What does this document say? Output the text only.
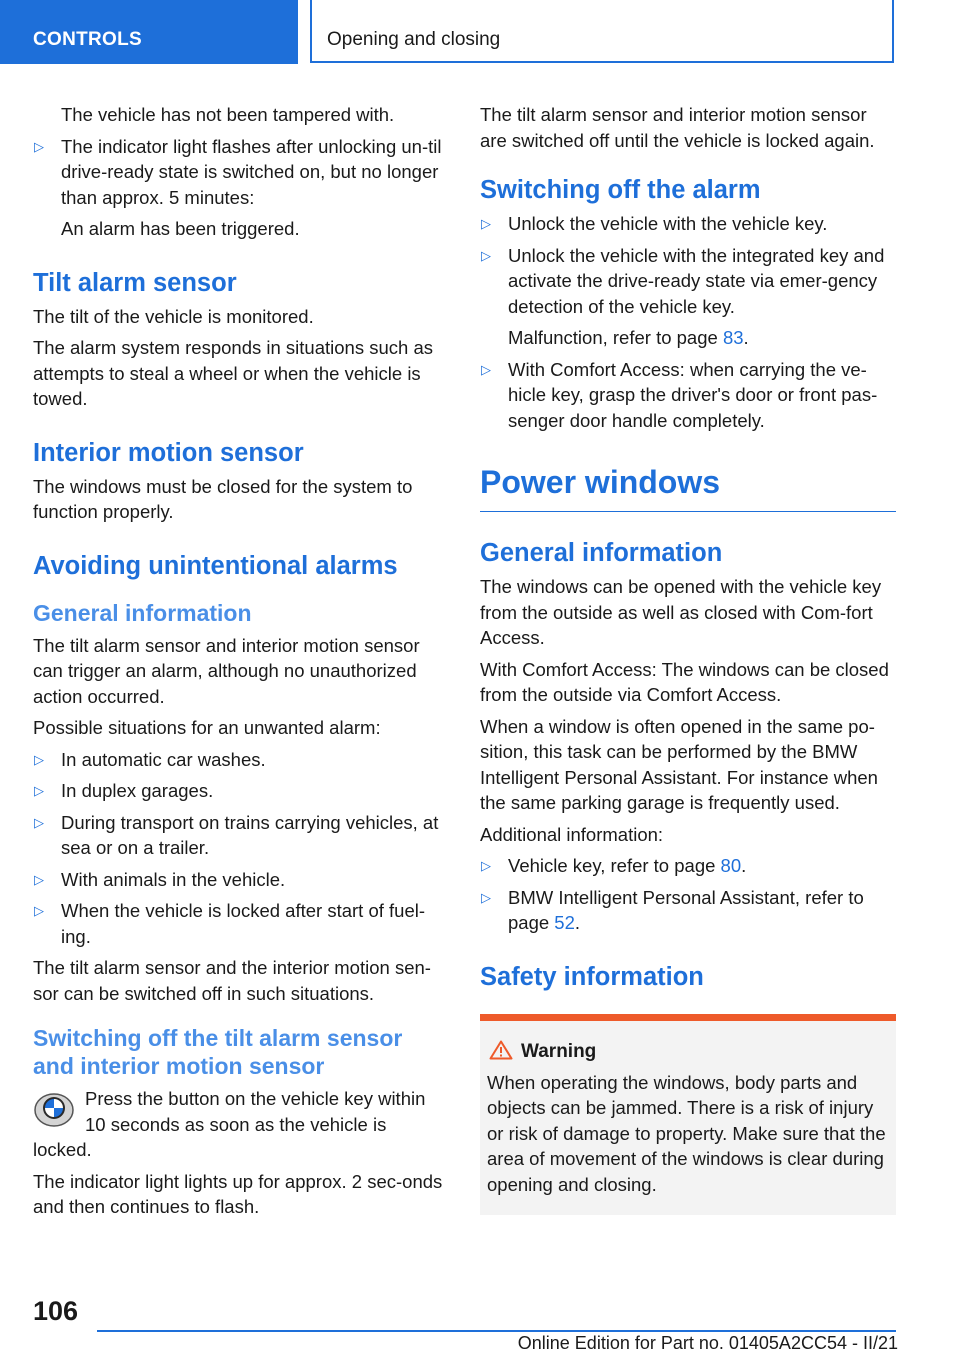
CONTROLS	Opening and closing

The vehicle has not been tampered with.

▷ The indicator light flashes after unlocking un-til drive-ready state is switched on, but no longer than approx. 5 minutes:

An alarm has been triggered.

Tilt alarm sensor

The tilt of the vehicle is monitored.

The alarm system responds in situations such as attempts to steal a wheel or when the vehicle is towed.

Interior motion sensor

The windows must be closed for the system to function properly.

Avoiding unintentional alarms
General information

The tilt alarm sensor and interior motion sensor can trigger an alarm, although no unauthorized action occurred.

Possible situations for an unwanted alarm:

▷ In automatic car washes.
▷ In duplex garages.
▷ During transport on trains carrying vehicles, at sea or on a trailer.
▷ With animals in the vehicle.
▷ When the vehicle is locked after start of fuel-ing.

The tilt alarm sensor and the interior motion sen-sor can be switched off in such situations.

Switching off the tilt alarm sensor and interior motion sensor

Press the button on the vehicle key within 10 seconds as soon as the vehicle is locked.

The indicator light lights up for approx. 2 sec-onds and then continues to flash.

The tilt alarm sensor and interior motion sensor are switched off until the vehicle is locked again.

Switching off the alarm
▷ Unlock the vehicle with the vehicle key.
▷ Unlock the vehicle with the integrated key and activate the drive-ready state via emer-gency detection of the vehicle key.

Malfunction, refer to page 83.

▷ With Comfort Access: when carrying the ve-hicle key, grasp the driver's door or front pas-senger door handle completely.
Power windows
General information

The windows can be opened with the vehicle key from the outside as well as closed with Com-fort Access.

With Comfort Access: The windows can be closed from the outside via Comfort Access.

When a window is often opened in the same po-sition, this task can be performed by the BMW Intelligent Personal Assistant. For instance when the same parking garage is frequently used.

Additional information:

▷ Vehicle key, refer to page 80.
▷ BMW Intelligent Personal Assistant, refer to page 52.
Safety information
Warning

When operating the windows, body parts and objects can be jammed. There is a risk of injury or risk of damage to property. Make sure that the area of movement of the windows is clear during opening and closing.

106
Online Edition for Part no. 01405A2CC54 - II/21
